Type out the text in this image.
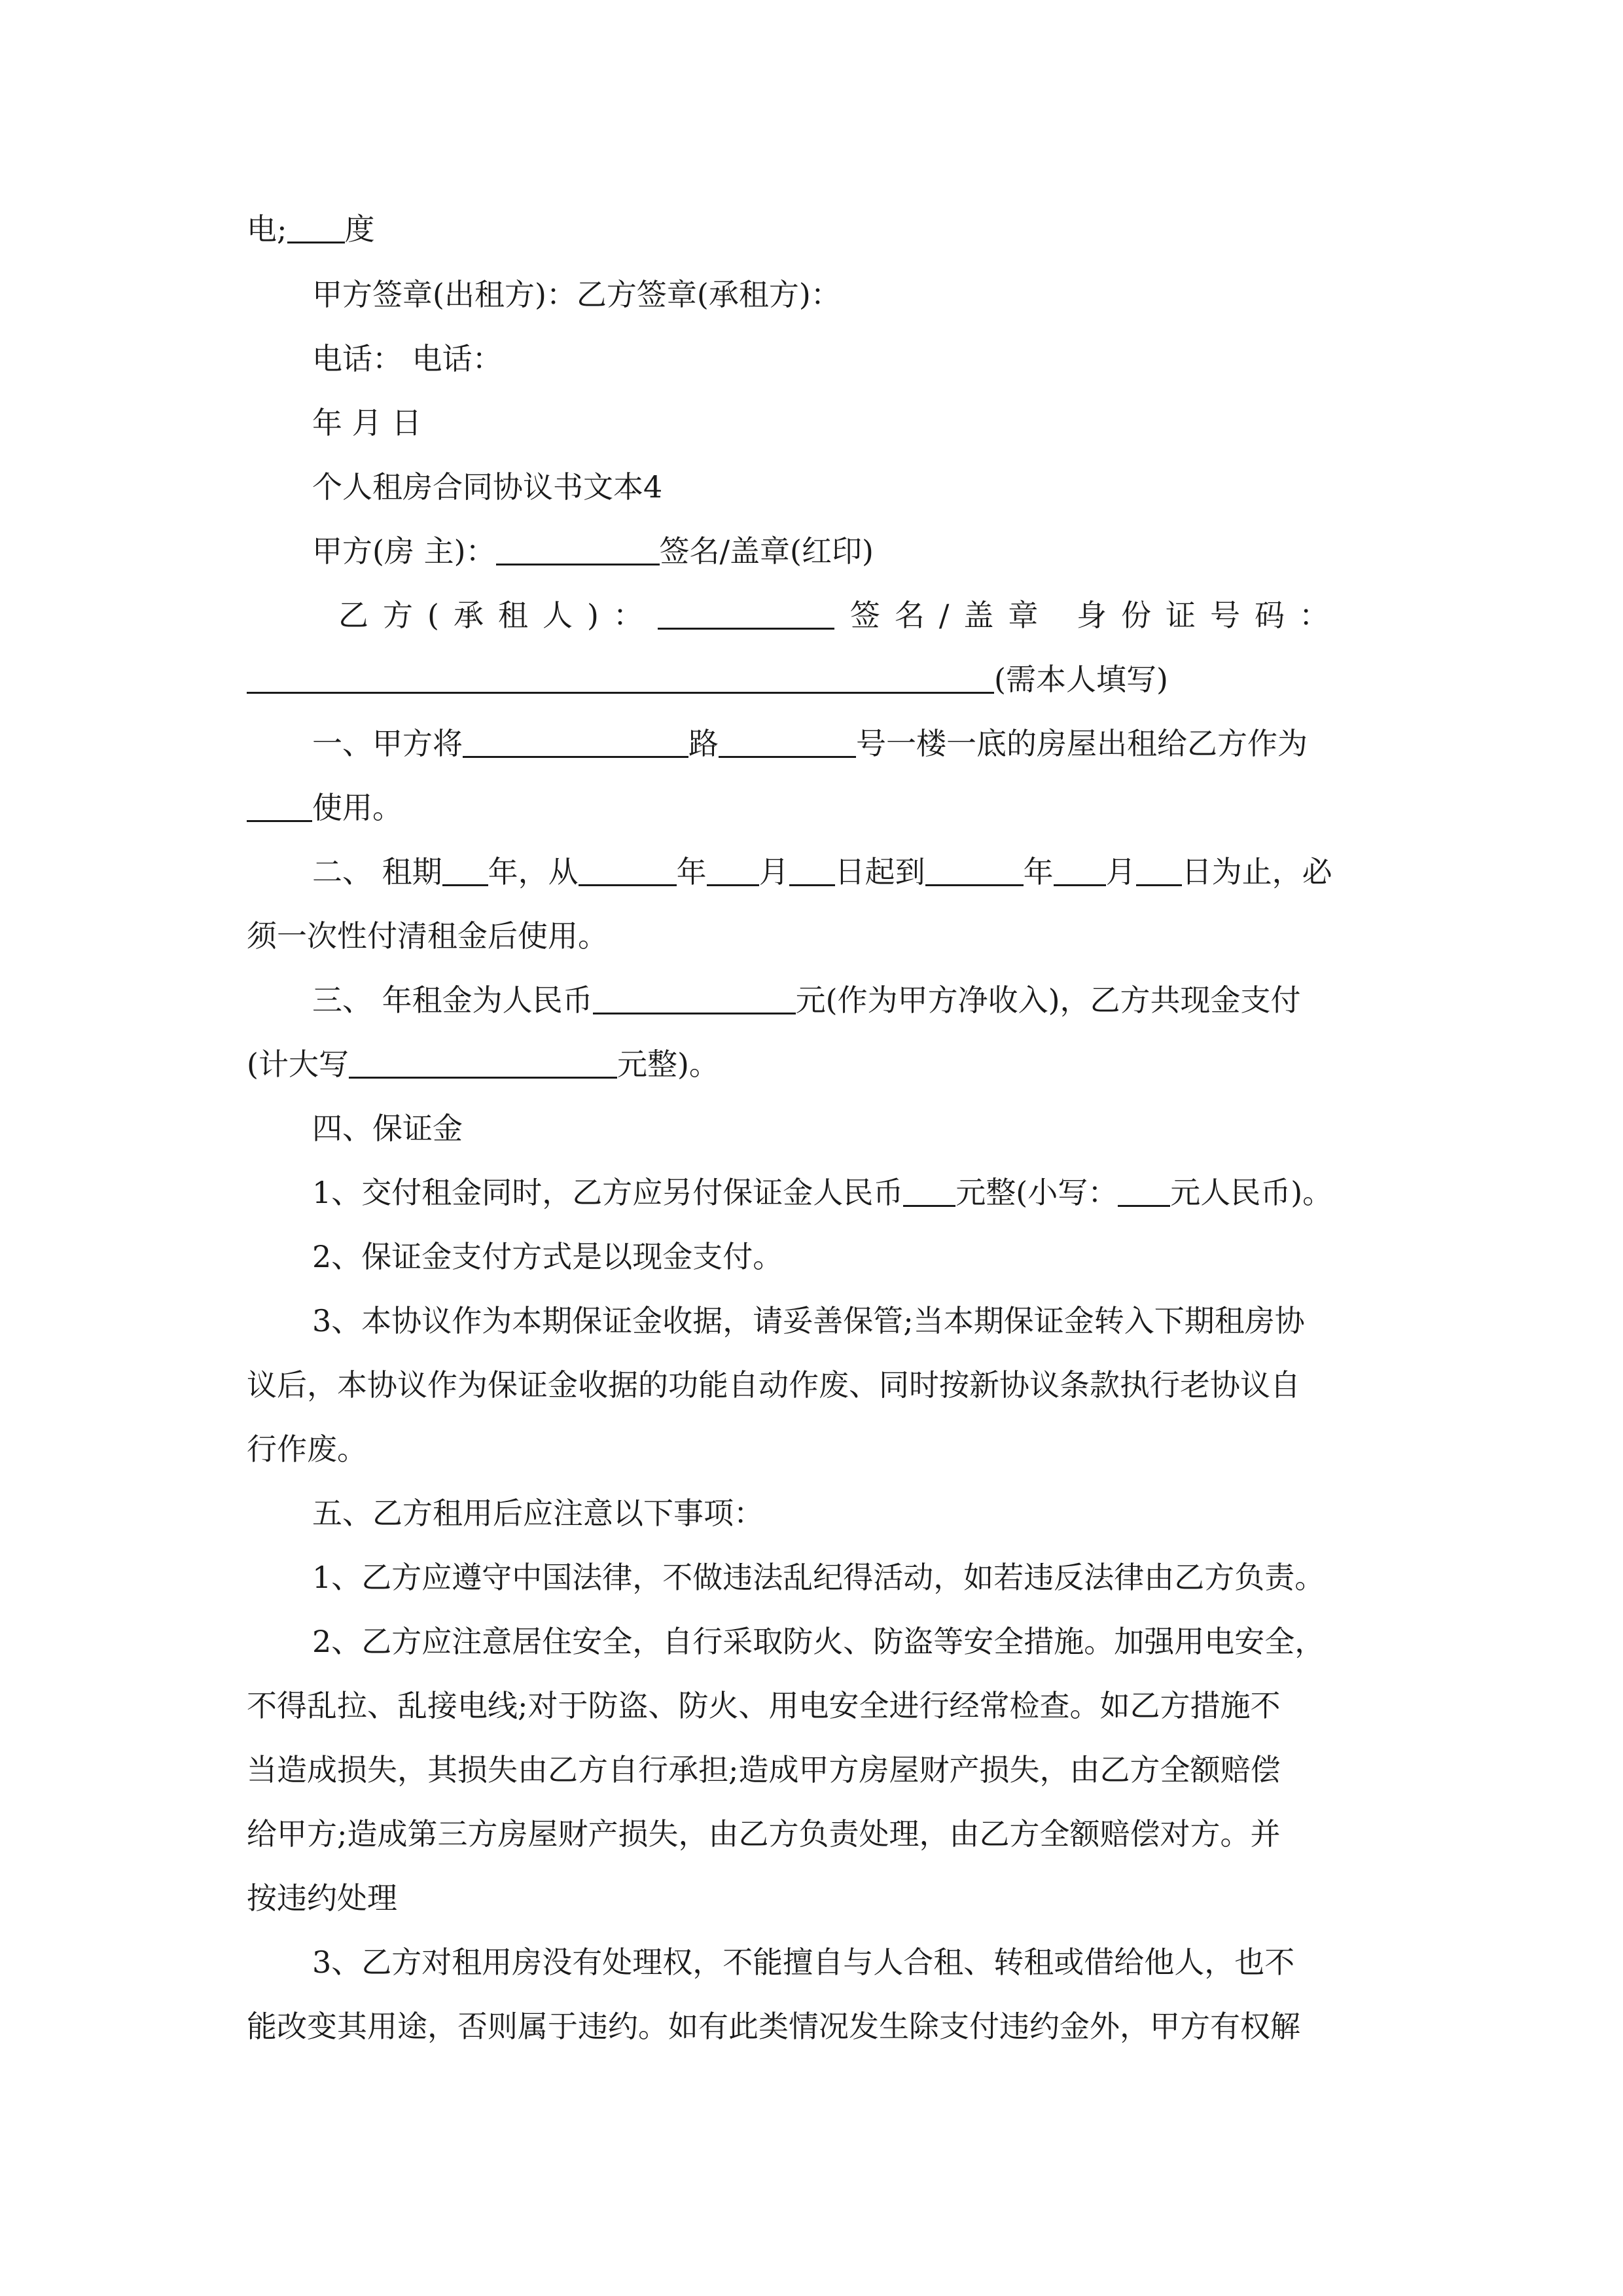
电; 度
甲方签章(出租方)：乙方签章(承租方)：
电话： 电话：
年 月 日
个人租房合同协议书文本4
甲方(房 主)：	签名/盖章(红印)
乙方(承租人)：	签名/盖章 身份证号码：
(需本人填写)
一、甲方将	路	号一楼一底的房屋出租给乙方作为
使用。
二、 租期 年，从	年 月 日起到	年 月 日为止，必
须一次性付清租金后使用。
三、 年租金为人民币	元(作为甲方净收入)，乙方共现金支付
(计大写	元整)。
四、保证金
1、交付租金同时，乙方应另付保证金人民币 元整(小写： 元人民币)。
2、保证金支付方式是以现金支付。
3、本协议作为本期保证金收据，请妥善保管;当本期保证金转入下期租房协
议后，本协议作为保证金收据的功能自动作废、同时按新协议条款执行老协议自
行作废。
五、乙方租用后应注意以下事项：
1、乙方应遵守中国法律，不做违法乱纪得活动，如若违反法律由乙方负责。
2、乙方应注意居住安全，自行采取防火、防盗等安全措施。加强用电安全，
不得乱拉、乱接电线;对于防盗、防火、用电安全进行经常检查。如乙方措施不
当造成损失，其损失由乙方自行承担;造成甲方房屋财产损失，由乙方全额赔偿
给甲方;造成第三方房屋财产损失，由乙方负责处理，由乙方全额赔偿对方。并
按违约处理
3、乙方对租用房没有处理权，不能擅自与人合租、转租或借给他人，也不
能改变其用途，否则属于违约。如有此类情况发生除支付违约金外，甲方有权解
